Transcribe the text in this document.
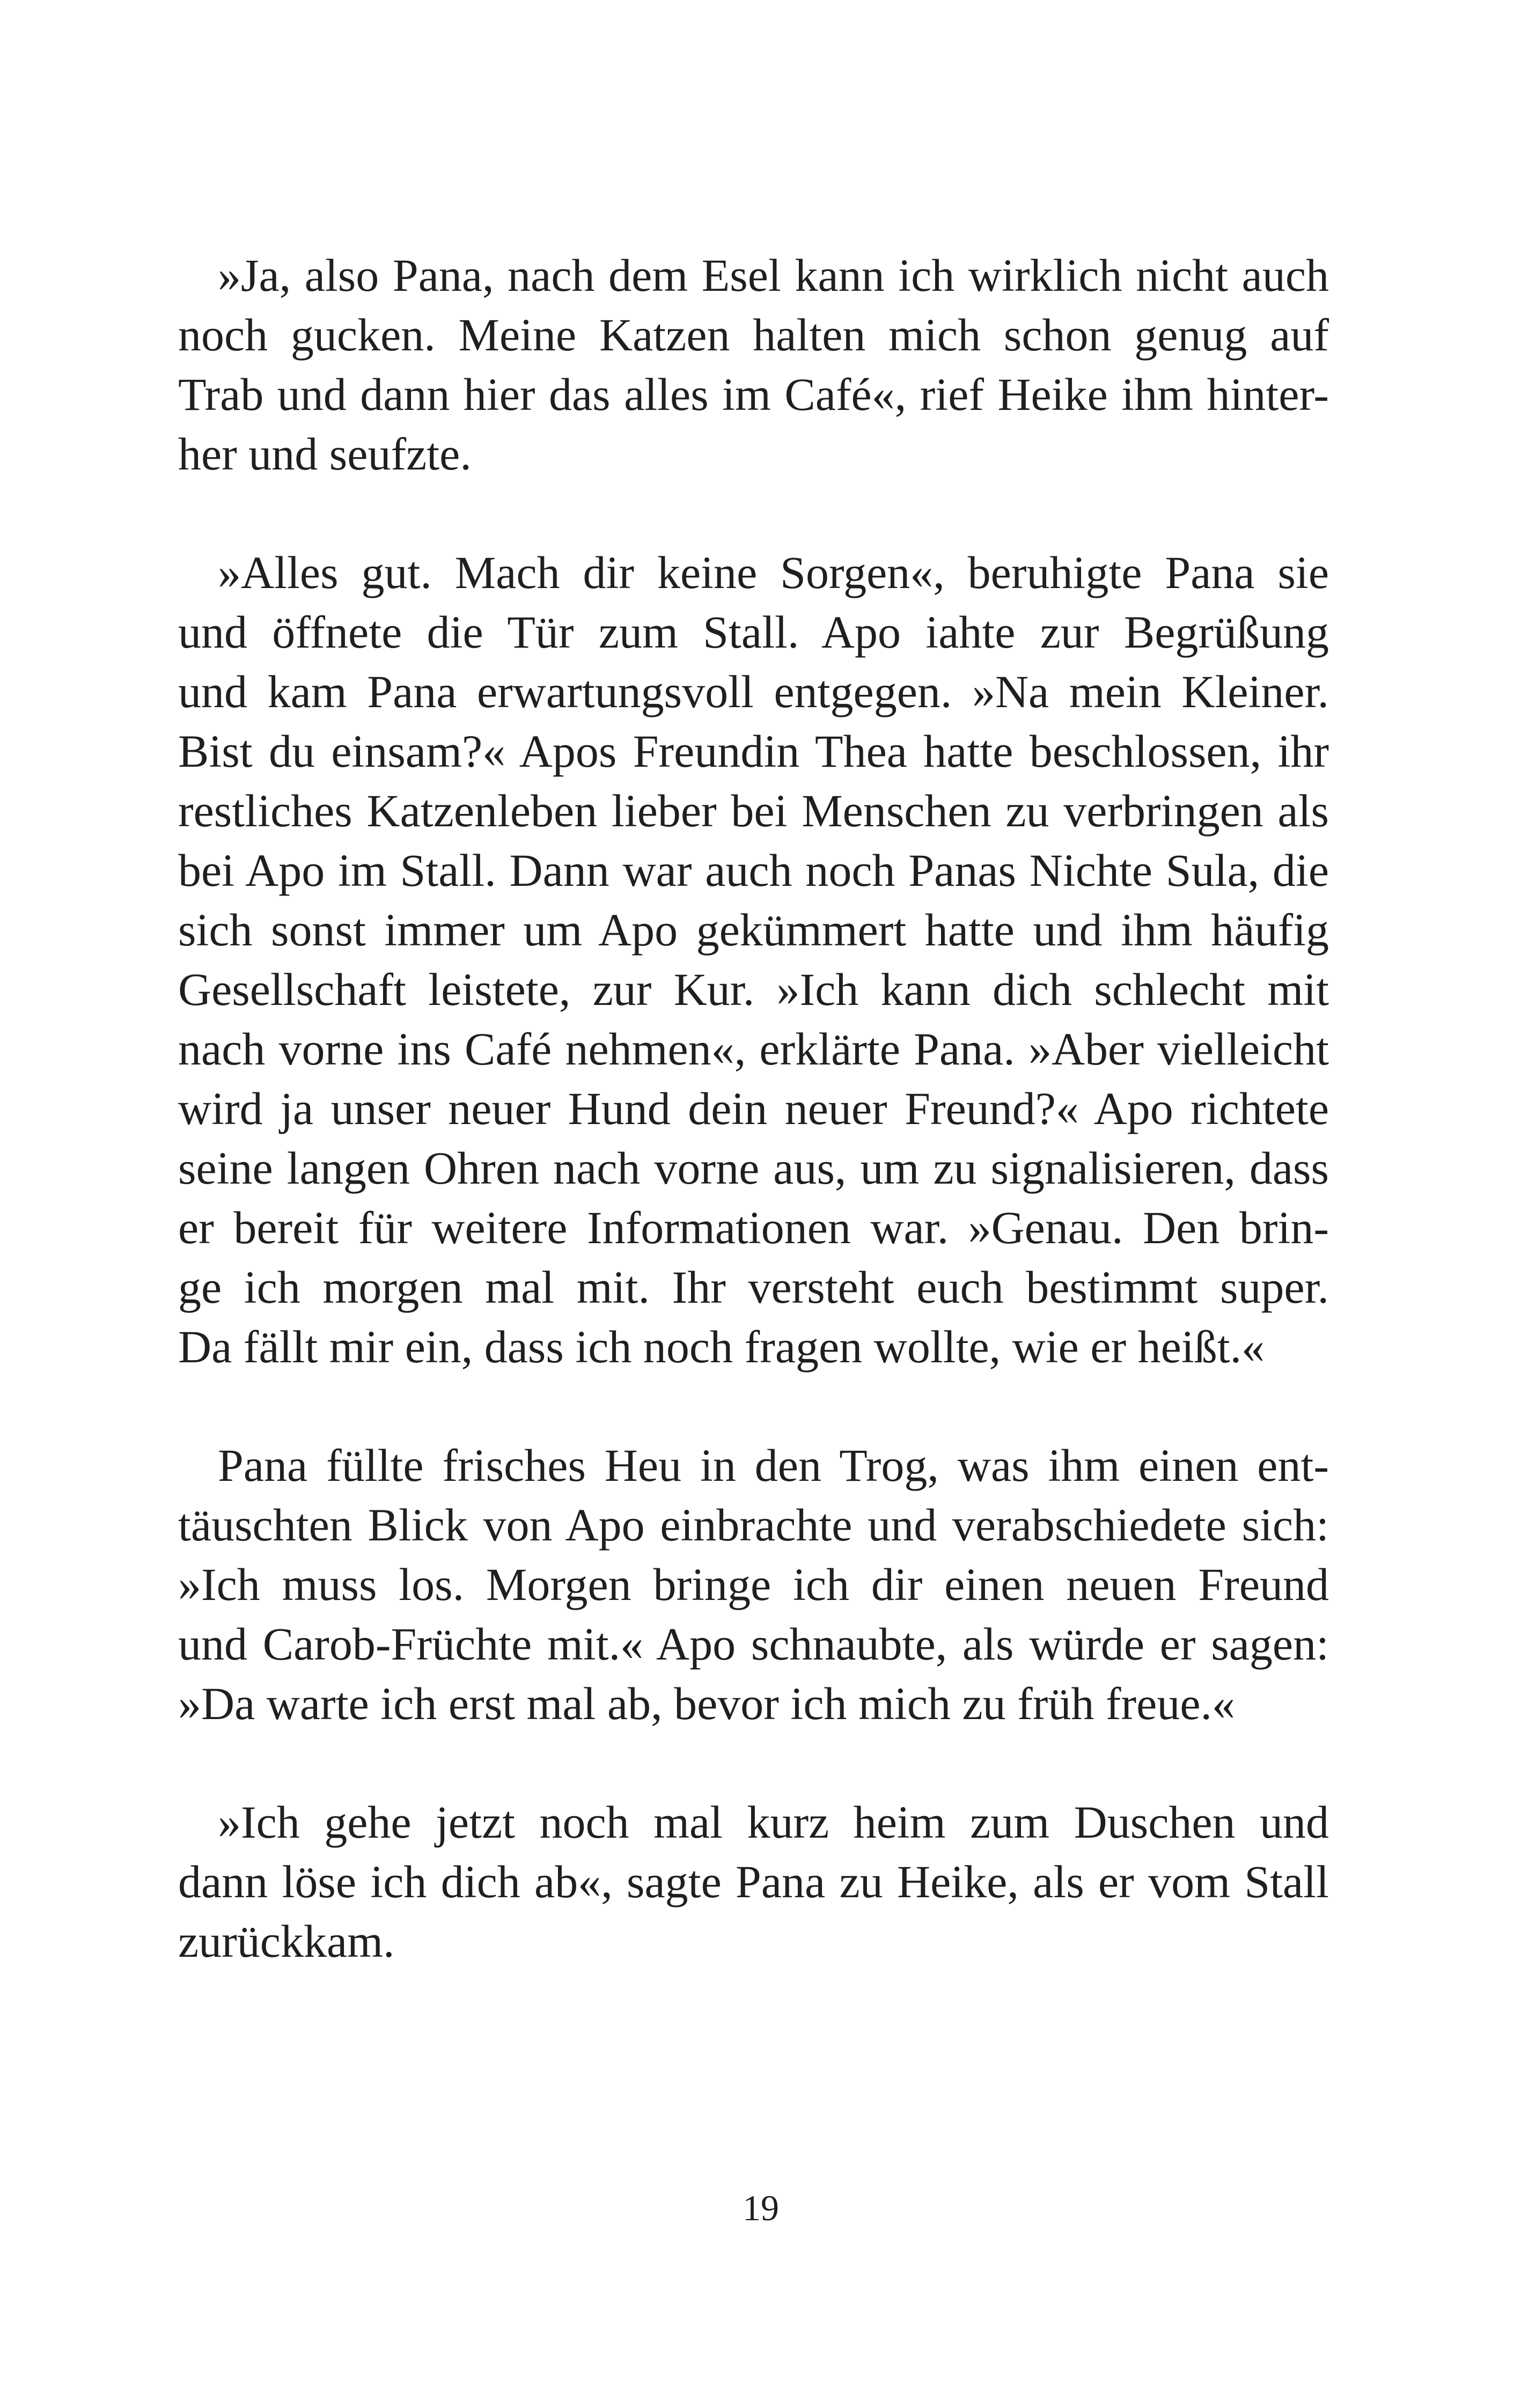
»Ja, also Pana, nach dem Esel kann ich wirklich nicht auch

noch gucken. Meine Katzen halten mich schon genug auf

Trab und dann hier das alles im Café«, rief Heike ihm hinter-

her und seufzte.

»Alles gut. Mach dir keine Sorgen«, beruhigte Pana sie

und öffnete die Tür zum Stall. Apo iahte zur Begrüßung

und kam Pana erwartungsvoll entgegen. »Na mein Kleiner.

Bist du einsam?« Apos Freundin Thea hatte beschlossen, ihr

restliches Katzenleben lieber bei Menschen zu verbringen als

bei Apo im Stall. Dann war auch noch Panas Nichte Sula, die

sich sonst immer um Apo gekümmert hatte und ihm häufig

Gesellschaft leistete, zur Kur. »Ich kann dich schlecht mit

nach vorne ins Café nehmen«, erklärte Pana. »Aber vielleicht

wird ja unser neuer Hund dein neuer Freund?« Apo richtete

seine langen Ohren nach vorne aus, um zu signalisieren, dass

er bereit für weitere Informationen war. »Genau. Den brin-

ge ich morgen mal mit. Ihr versteht euch bestimmt super.

Da fällt mir ein, dass ich noch fragen wollte, wie er heißt.«

Pana füllte frisches Heu in den Trog, was ihm einen ent-

täuschten Blick von Apo einbrachte und verabschiedete sich:

»Ich muss los. Morgen bringe ich dir einen neuen Freund

und Carob-Früchte mit.« Apo schnaubte, als würde er sagen:

»Da warte ich erst mal ab, bevor ich mich zu früh freue.«

»Ich gehe jetzt noch mal kurz heim zum Duschen und

dann löse ich dich ab«, sagte Pana zu Heike, als er vom Stall

zurückkam.

19
